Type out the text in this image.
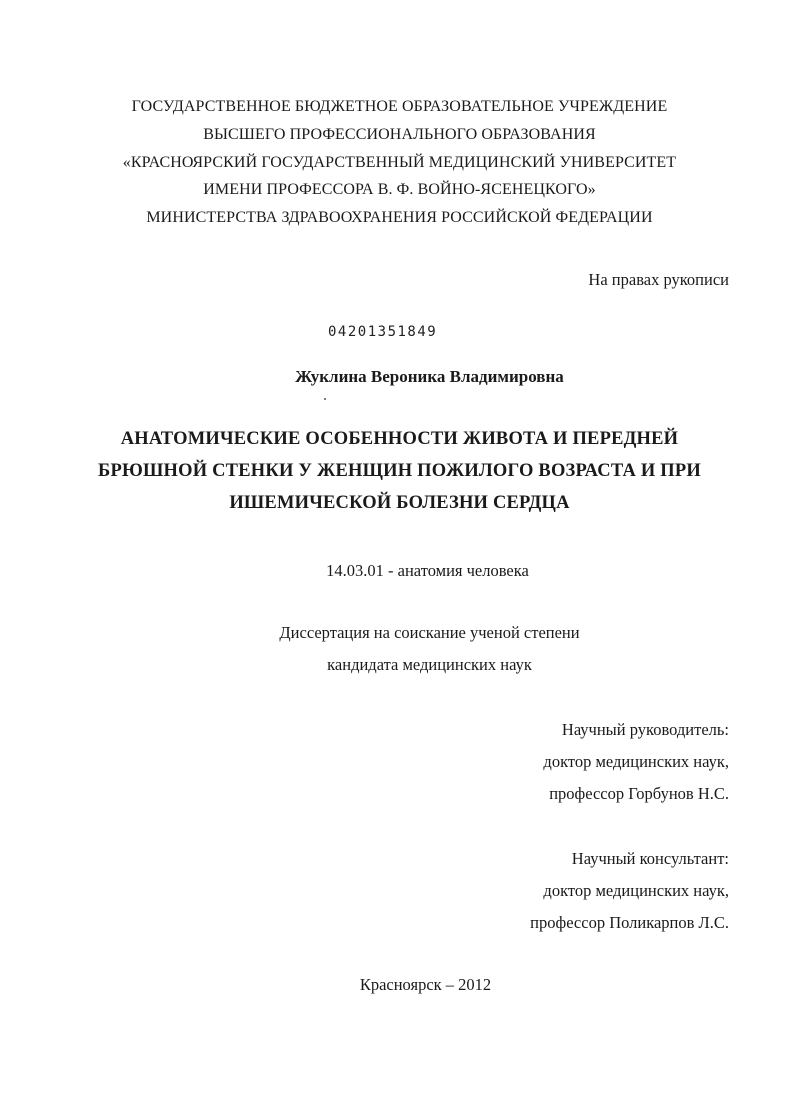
ГОСУДАРСТВЕННОЕ БЮДЖЕТНОЕ ОБРАЗОВАТЕЛЬНОЕ УЧРЕЖДЕНИЕ
ВЫСШЕГО ПРОФЕССИОНАЛЬНОГО ОБРАЗОВАНИЯ
«КРАСНОЯРСКИЙ ГОСУДАРСТВЕННЫЙ МЕДИЦИНСКИЙ УНИВЕРСИТЕТ
ИМЕНИ ПРОФЕССОРА В. Ф. ВОЙНО-ЯСЕНЕЦКОГО»
МИНИСТЕРСТВА ЗДРАВООХРАНЕНИЯ РОССИЙСКОЙ ФЕДЕРАЦИИ
На правах рукописи
04201351849
Жуклина Вероника Владимировна
АНАТОМИЧЕСКИЕ ОСОБЕННОСТИ ЖИВОТА И ПЕРЕДНЕЙ
БРЮШНОЙ СТЕНКИ У ЖЕНЩИН ПОЖИЛОГО ВОЗРАСТА И ПРИ
ИШЕМИЧЕСКОЙ БОЛЕЗНИ СЕРДЦА
14.03.01 - анатомия человека
Диссертация на соискание ученой степени
кандидата медицинских наук
Научный руководитель:
доктор медицинских наук,
профессор Горбунов Н.С.
Научный консультант:
доктор медицинских наук,
профессор Поликарпов Л.С.
Красноярск – 2012
